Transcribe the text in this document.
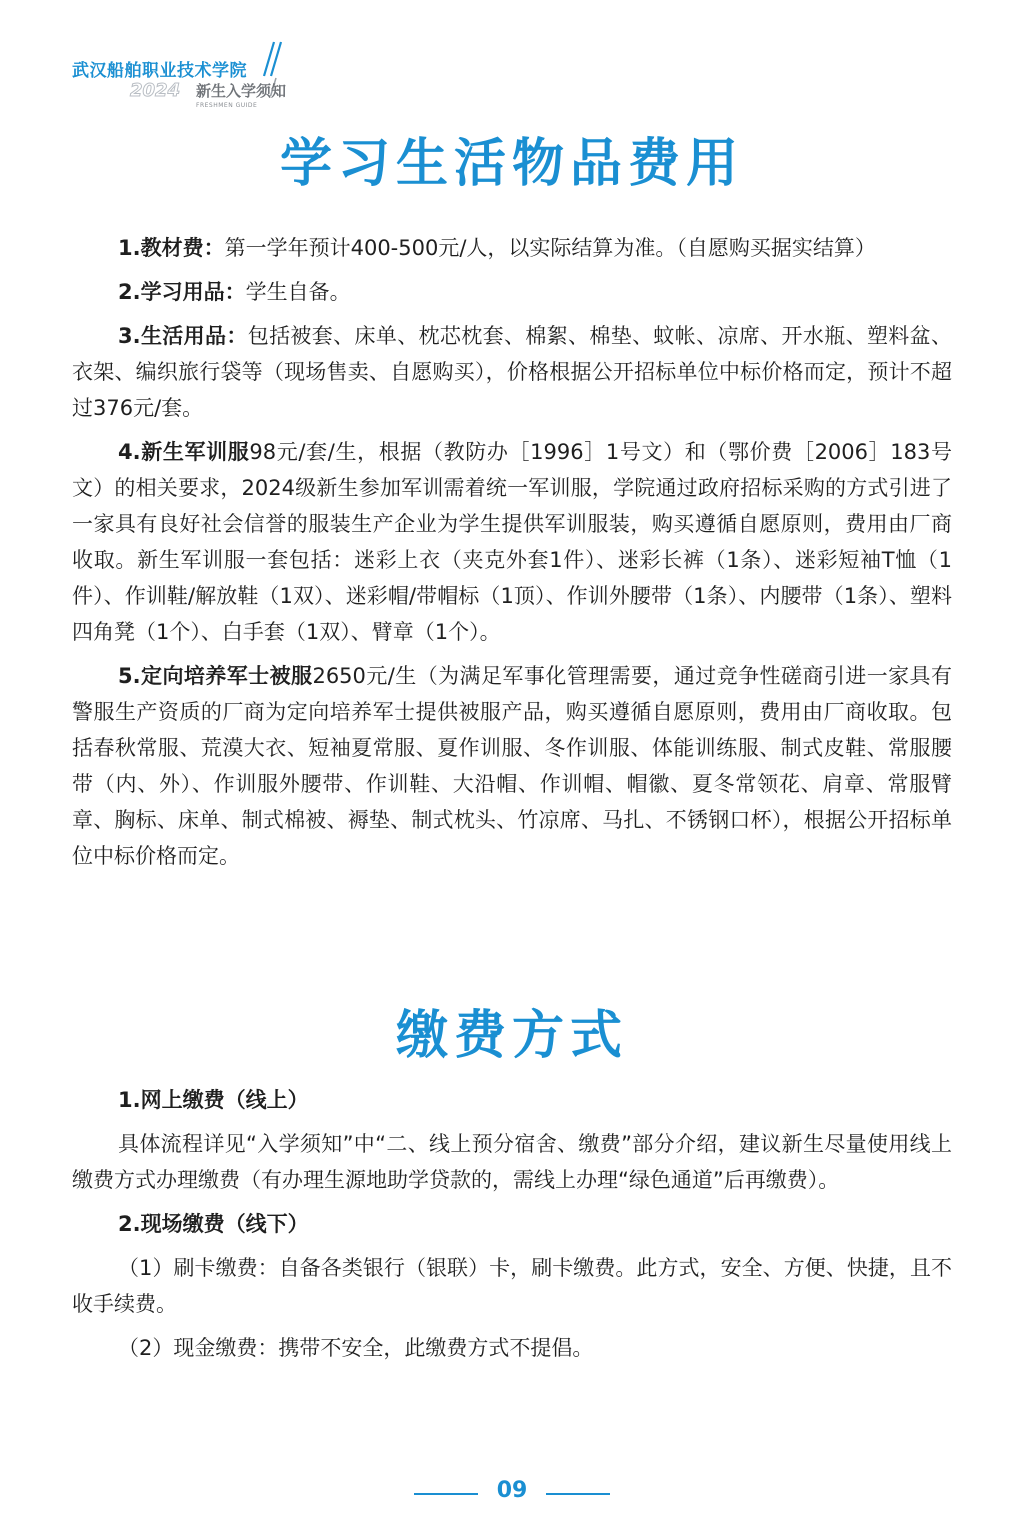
武汉船舶职业技术学院
2024 新生入学须知
FRESHMEN GUIDE
学习生活物品费用

1.教材费：第一学年预计400-500元/人，以实际结算为准。（自愿购买据实结算）

2.学习用品：学生自备。

3.生活用品：包括被套、床单、枕芯枕套、棉絮、棉垫、蚊帐、凉席、开水瓶、塑料盆、衣架、编织旅行袋等（现场售卖、自愿购买），价格根据公开招标单位中标价格而定，预计不超过376元/套。

4.新生军训服98元/套/生，根据（教防办［1996］1号文）和（鄂价费［2006］183号文）的相关要求，2024级新生参加军训需着统一军训服，学院通过政府招标采购的方式引进了一家具有良好社会信誉的服装生产企业为学生提供军训服装，购买遵循自愿原则，费用由厂商收取。新生军训服一套包括：迷彩上衣（夹克外套1件）、迷彩长裤（1条）、迷彩短袖T恤（1件）、作训鞋/解放鞋（1双）、迷彩帽/带帽标（1顶）、作训外腰带（1条）、内腰带（1条）、塑料四角凳（1个）、白手套（1双）、臂章（1个）。

5.定向培养军士被服2650元/生（为满足军事化管理需要，通过竞争性磋商引进一家具有警服生产资质的厂商为定向培养军士提供被服产品，购买遵循自愿原则，费用由厂商收取。包括春秋常服、荒漠大衣、短袖夏常服、夏作训服、冬作训服、体能训练服、制式皮鞋、常服腰带（内、外）、作训服外腰带、作训鞋、大沿帽、作训帽、帽徽、夏冬常领花、肩章、常服臂章、胸标、床单、制式棉被、褥垫、制式枕头、竹凉席、马扎、不锈钢口杯），根据公开招标单位中标价格而定。

缴费方式

1.网上缴费（线上）

具体流程详见“入学须知”中“二、线上预分宿舍、缴费”部分介绍，建议新生尽量使用线上缴费方式办理缴费（有办理生源地助学贷款的，需线上办理“绿色通道”后再缴费）。

2.现场缴费（线下）

（1）刷卡缴费：自备各类银行（银联）卡，刷卡缴费。此方式，安全、方便、快捷，且不收手续费。

（2）现金缴费：携带不安全，此缴费方式不提倡。

09
